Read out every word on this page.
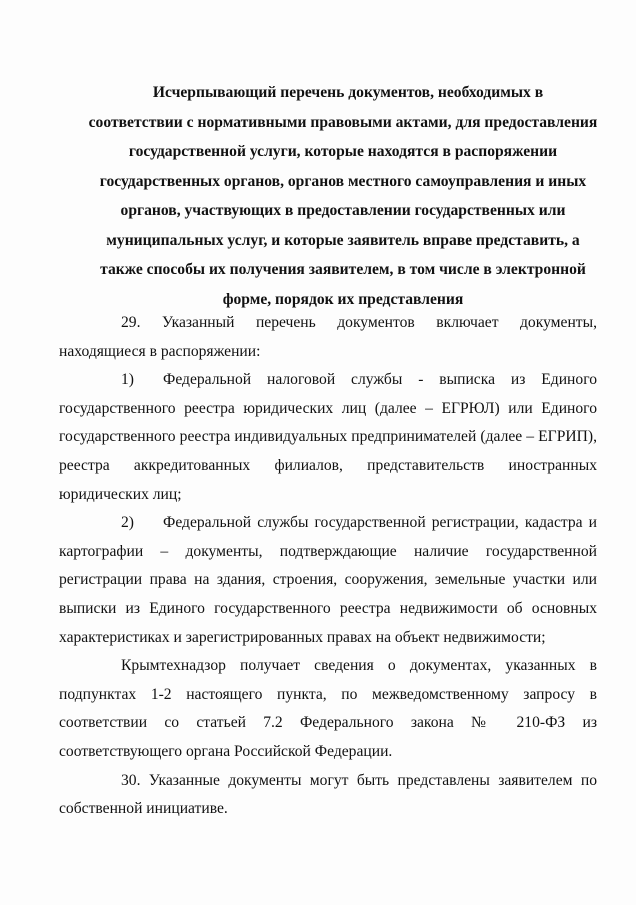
Исчерпывающий перечень документов, необходимых в
соответствии с нормативными правовыми актами, для предоставления
государственной услуги, которые находятся в распоряжении
государственных органов, органов местного самоуправления и иных
органов, участвующих в предоставлении государственных или
муниципальных услуг, и которые заявитель вправе представить, а
также способы их получения заявителем, в том числе в электронной
форме, порядок их представления

29. Указанный перечень документов включает документы, находящиеся в распоряжении:

1) Федеральной налоговой службы - выписка из Единого государственного реестра юридических лиц (далее – ЕГРЮЛ) или Единого государственного реестра индивидуальных предпринимателей (далее – ЕГРИП), реестра аккредитованных филиалов, представительств иностранных юридических лиц;

2) Федеральной службы государственной регистрации, кадастра и картографии – документы, подтверждающие наличие государственной регистрации права на здания, строения, сооружения, земельные участки или выписки из Единого государственного реестра недвижимости об основных характеристиках и зарегистрированных правах на объект недвижимости;

Крымтехнадзор получает сведения о документах, указанных в подпунктах 1-2 настоящего пункта, по межведомственному запросу в соответствии со статьей 7.2 Федерального закона № 210-ФЗ из соответствующего органа Российской Федерации.

30. Указанные документы могут быть представлены заявителем по собственной инициативе.
